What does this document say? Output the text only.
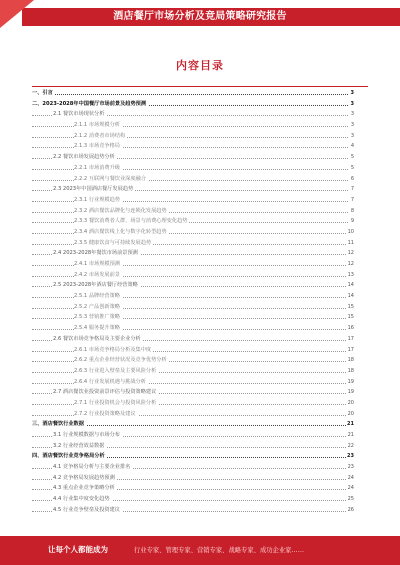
酒店餐厅市场分析及竞局策略研究报告
内容目录
一、引言	3
二、2023-2028年中国餐厅市场前景及趋势预测	3
2.1 餐饮市场现状分析	3
2.1.1 市场规模分析	3
2.1.2 消费者市场结构	3
2.1.3 市场竞争格局	4
2.2 餐饮市场发展趋势分析	5
2.2.1 市场消费升级	5
2.2.2 互联网与餐饮业深度融合	6
2.3 2023年中国酒店餐厅发展趋势	7
2.3.1 行业规模趋势	7
2.3.2 酒店餐饮品牌化与连锁化发展趋势	8
2.3.3 餐饮消费者人群、场景与消费心理变化趋势	9
2.3.4 酒店餐饮线上化与数字化转型趋势	10
2.3.5 健康饮食与可持续发展趋势	11
2.4 2023-2028年餐饮市场前景预测	12
2.4.1 市场规模预测	12
2.4.2 市场发展前景	13
2.5 2023-2028年酒店餐厅经营策略	14
2.5.1 品牌经营策略	14
2.5.2 产品创新策略	15
2.5.3 营销推广策略	15
2.5.4 服务提升策略	16
2.6 餐饮市场竞争格局及主要企业分析	17
2.6.1 市场竞争格局分析及集中度	17
2.6.2 重点企业经营状况及竞争优势分析	18
2.6.3 行业进入壁垒及主要风险分析	18
2.6.4 行业发展机遇与挑战分析	19
2.7 酒店餐饮业投资前景评估与投资策略建议	19
2.7.1 行业投资机会与投资风险分析	20
2.7.2 行业投资策略及建议	20
三、酒店餐饮行业数据	21
3.1 行业规模数据与市场分布	21
3.2 行业经营效益数据	22
四、酒店餐饮行业竞争格局分析	23
4.1 竞争格局分析与主要企业排名	23
4.2 竞争格局发展趋势预测	24
4.3 重点企业竞争策略分析	24
4.4 行业集中度变化趋势	25
4.5 行业竞争壁垒及投资建议	26
让每个人都能成为	行业专家、管理专家、营销专家、战略专家、成功企业家……
